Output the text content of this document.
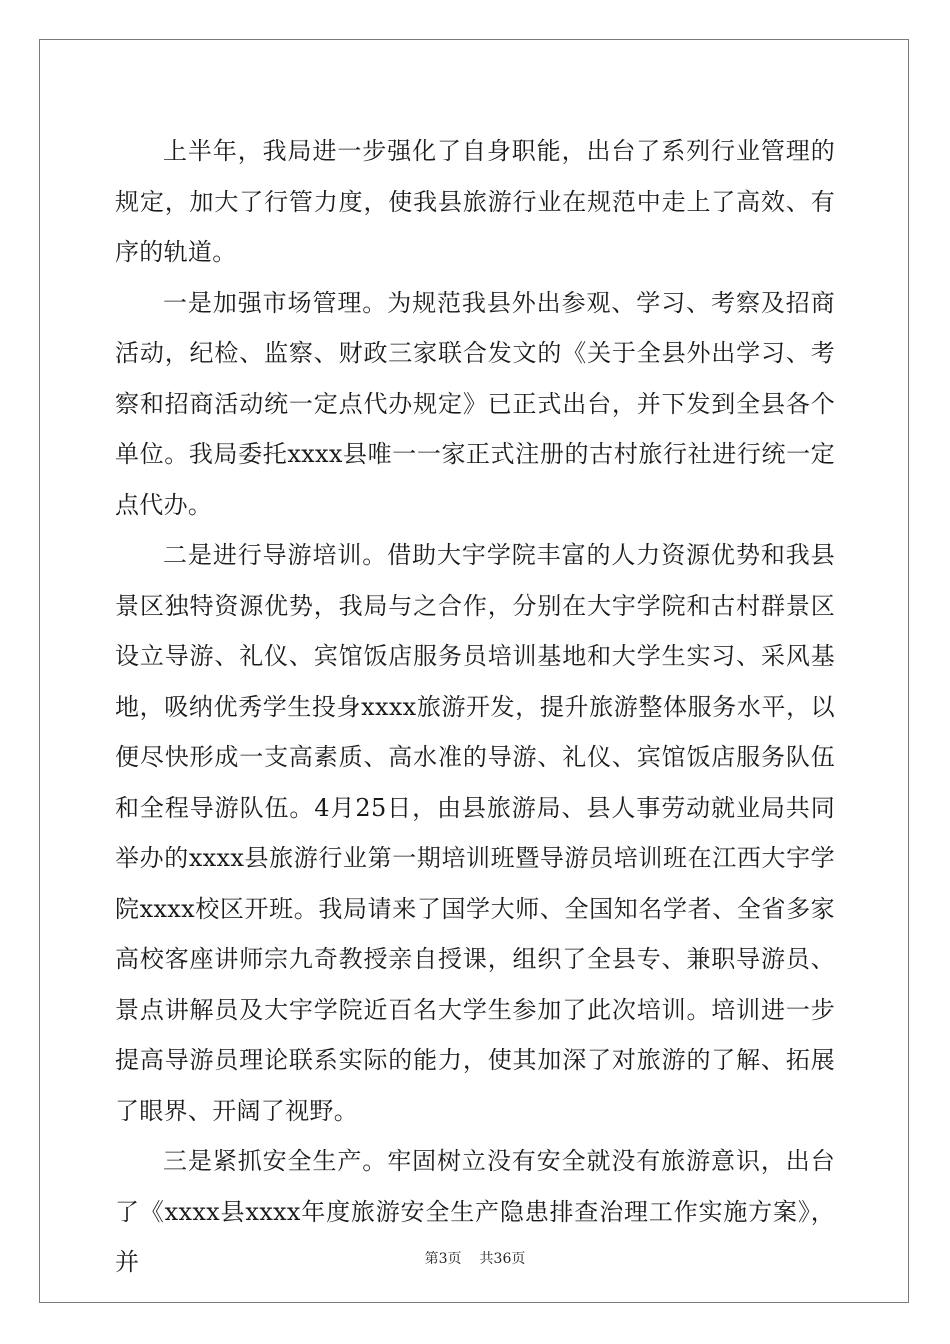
上半年，我局进一步强化了自身职能，出台了系列行业管理的规定，加大了行管力度，使我县旅游行业在规范中走上了高效、有序的轨道。

一是加强市场管理。为规范我县外出参观、学习、考察及招商活动，纪检、监察、财政三家联合发文的《关于全县外出学习、考察和招商活动统一定点代办规定》已正式出台，并下发到全县各个单位。我局委托xxxx县唯一一家正式注册的古村旅行社进行统一定点代办。

二是进行导游培训。借助大宇学院丰富的人力资源优势和我县景区独特资源优势，我局与之合作，分别在大宇学院和古村群景区设立导游、礼仪、宾馆饭店服务员培训基地和大学生实习、采风基地，吸纳优秀学生投身xxxx旅游开发，提升旅游整体服务水平，以便尽快形成一支高素质、高水准的导游、礼仪、宾馆饭店服务队伍和全程导游队伍。4月25日，由县旅游局、县人事劳动就业局共同举办的xxxx县旅游行业第一期培训班暨导游员培训班在江西大宇学院xxxx校区开班。我局请来了国学大师、全国知名学者、全省多家高校客座讲师宗九奇教授亲自授课，组织了全县专、兼职导游员、景点讲解员及大宇学院近百名大学生参加了此次培训。培训进一步提高导游员理论联系实际的能力，使其加深了对旅游的了解、拓展了眼界、开阔了视野。

三是紧抓安全生产。牢固树立没有安全就没有旅游意识，出台了《xxxx县xxxx年度旅游安全生产隐患排查治理工作实施方案》，并	第3页 共36页
